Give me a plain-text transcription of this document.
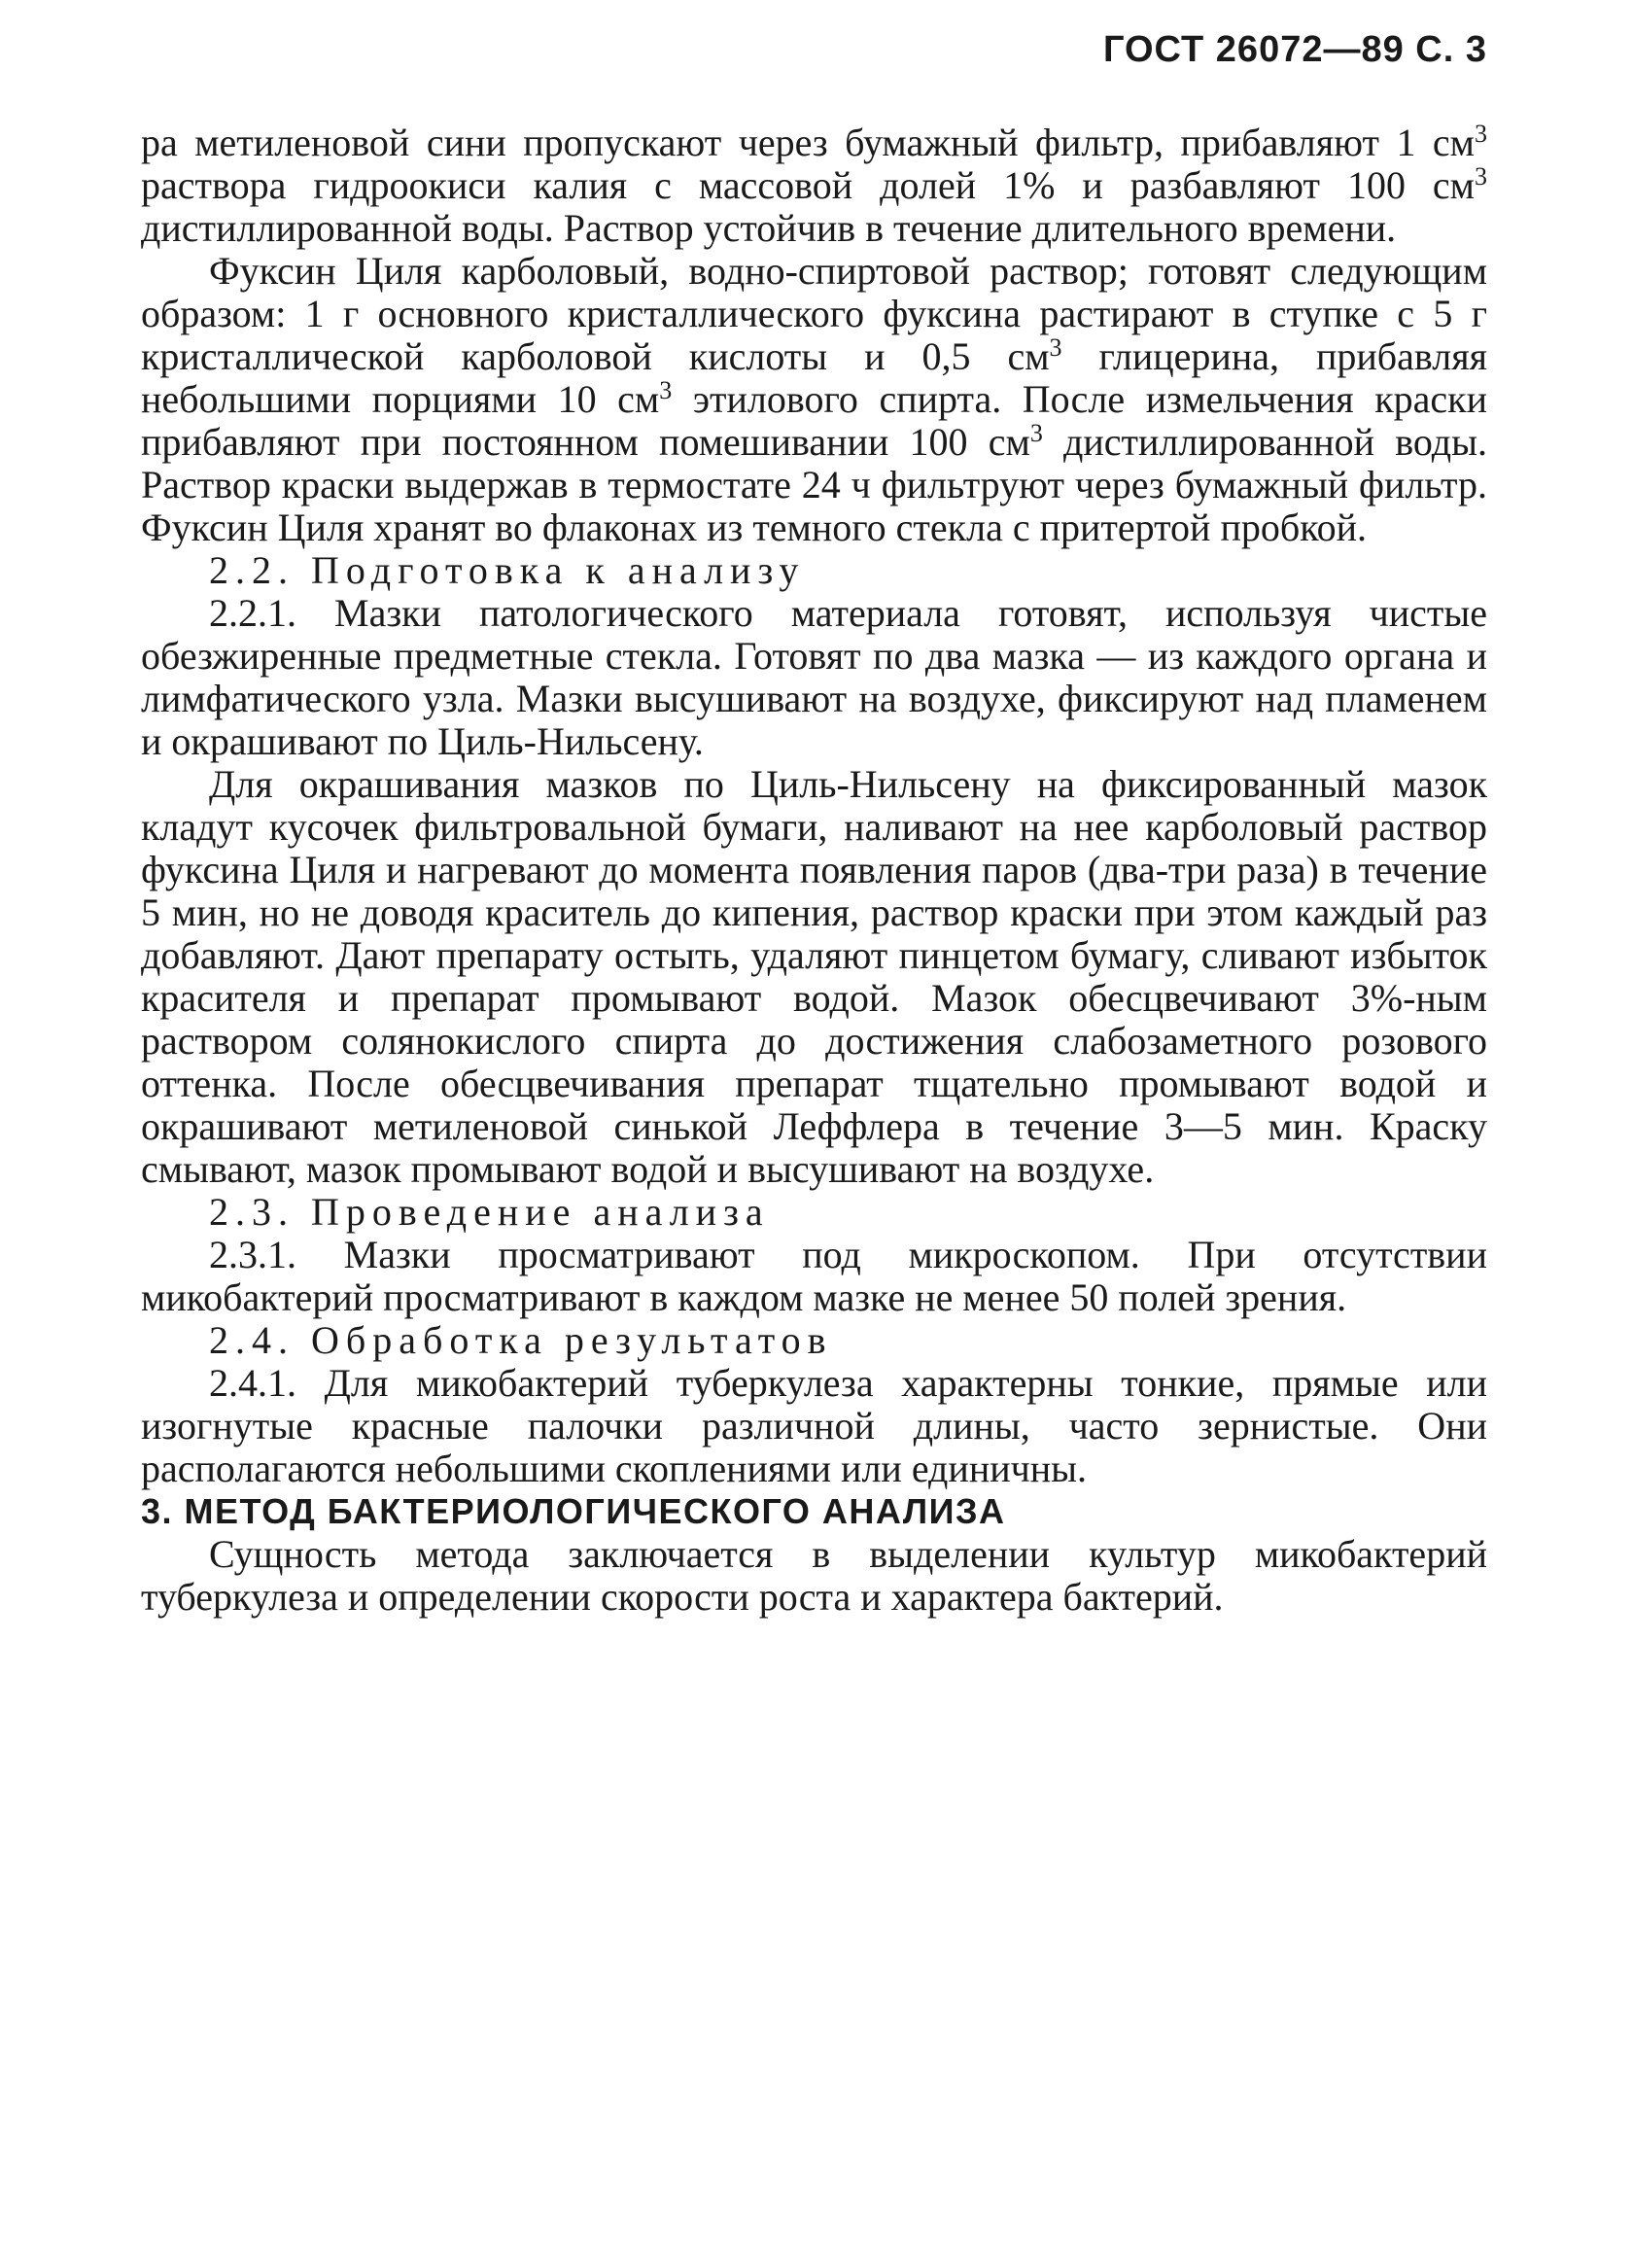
ГОСТ 26072—89 С. 3

ра метиленовой сини пропускают через бумажный фильтр, прибавляют 1 $см^3$ раствора гидроокиси калия с массовой долей 1% и разбавляют 100 $см^3$ дистиллированной воды. Раствор устойчив в течение длительного времени.

Фуксин Циля карболовый, водно-спиртовой раствор; готовят следующим образом: 1 г основного кристаллического фуксина растирают в ступке с 5 г кристаллической карболовой кислоты и 0,5 $см^3$ глицерина, прибавляя небольшими порциями 10 $см^3$ этилового спирта. После измельчения краски прибавляют при постоянном помешивании 100 $см^3$ дистиллированной воды. Раствор краски выдержав в термостате 24 ч фильтруют через бумажный фильтр. Фуксин Циля хранят во флаконах из темного стекла с притертой пробкой.

2.2. Подготовка к анализу

2.2.1. Мазки патологического материала готовят, используя чистые обезжиренные предметные стекла. Готовят по два мазка — из каждого органа и лимфатического узла. Мазки высушивают на воздухе, фиксируют над пламенем и окрашивают по Циль-Нильсену.

Для окрашивания мазков по Циль-Нильсену на фиксированный мазок кладут кусочек фильтровальной бумаги, наливают на нее карболовый раствор фуксина Циля и нагревают до момента появления паров (два-три раза) в течение 5 мин, но не доводя краситель до кипения, раствор краски при этом каждый раз добавляют. Дают препарату остыть, удаляют пинцетом бумагу, сливают избыток красителя и препарат промывают водой. Мазок обесцвечивают 3%-ным раствором солянокислого спирта до достижения слабозаметного розового оттенка. После обесцвечивания препарат тщательно промывают водой и окрашивают метиленовой синькой Леффлера в течение 3—5 мин. Краску смывают, мазок промывают водой и высушивают на воздухе.

2.3. Проведение анализа

2.3.1. Мазки просматривают под микроскопом. При отсутствии микобактерий просматривают в каждом мазке не менее 50 полей зрения.

2.4. Обработка результатов

2.4.1. Для микобактерий туберкулеза характерны тонкие, прямые или изогнутые красные палочки различной длины, часто зернистые. Они располагаются небольшими скоплениями или единичны.

3. МЕТОД БАКТЕРИОЛОГИЧЕСКОГО АНАЛИЗА

Сущность метода заключается в выделении культур микобактерий туберкулеза и определении скорости роста и характера бактерий.
